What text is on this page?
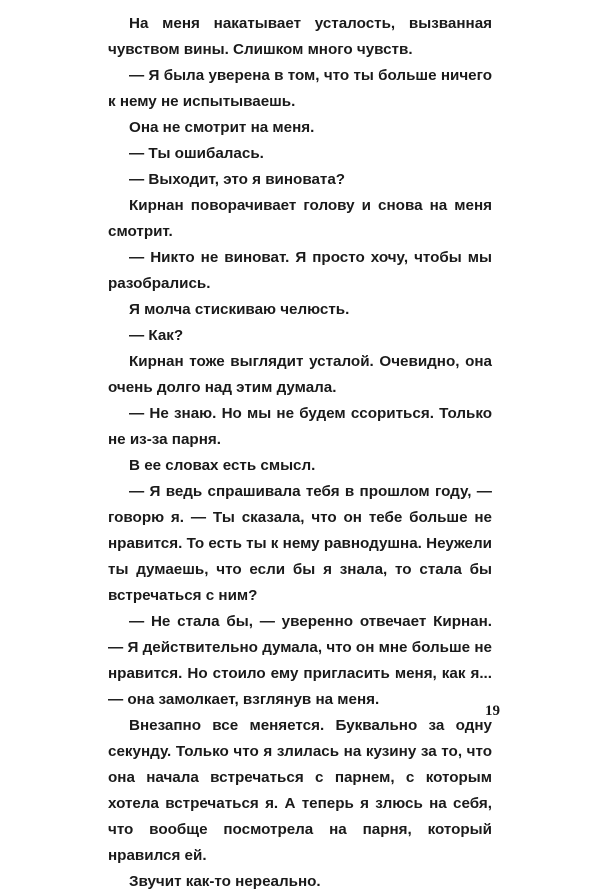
На меня накатывает усталость, вызванная чувством вины. Слишком много чувств.

— Я была уверена в том, что ты больше ничего к нему не испытываешь.

Она не смотрит на меня.

— Ты ошибалась.

— Выходит, это я виновата?

Кирнан поворачивает голову и снова на меня смотрит.

— Никто не виноват. Я просто хочу, чтобы мы разобрались.

Я молча стискиваю челюсть.

— Как?

Кирнан тоже выглядит усталой. Очевидно, она очень долго над этим думала.

— Не знаю. Но мы не будем ссориться. Только не из-за парня.

В ее словах есть смысл.

— Я ведь спрашивала тебя в прошлом году, — говорю я. — Ты сказала, что он тебе больше не нравится. То есть ты к нему равнодушна. Неужели ты думаешь, что если бы я знала, то стала бы встречаться с ним?

— Не стала бы, — уверенно отвечает Кирнан. — Я действительно думала, что он мне больше не нравится. Но стоило ему пригласить меня, как я... — она замолкает, взглянув на меня.

Внезапно все меняется. Буквально за одну секунду. Только что я злилась на кузину за то, что она начала встречаться с парнем, с которым хотела встречаться я. А теперь я злюсь на себя, что вообще посмотрела на парня, который нравился ей.

Звучит как-то нереально.

19
